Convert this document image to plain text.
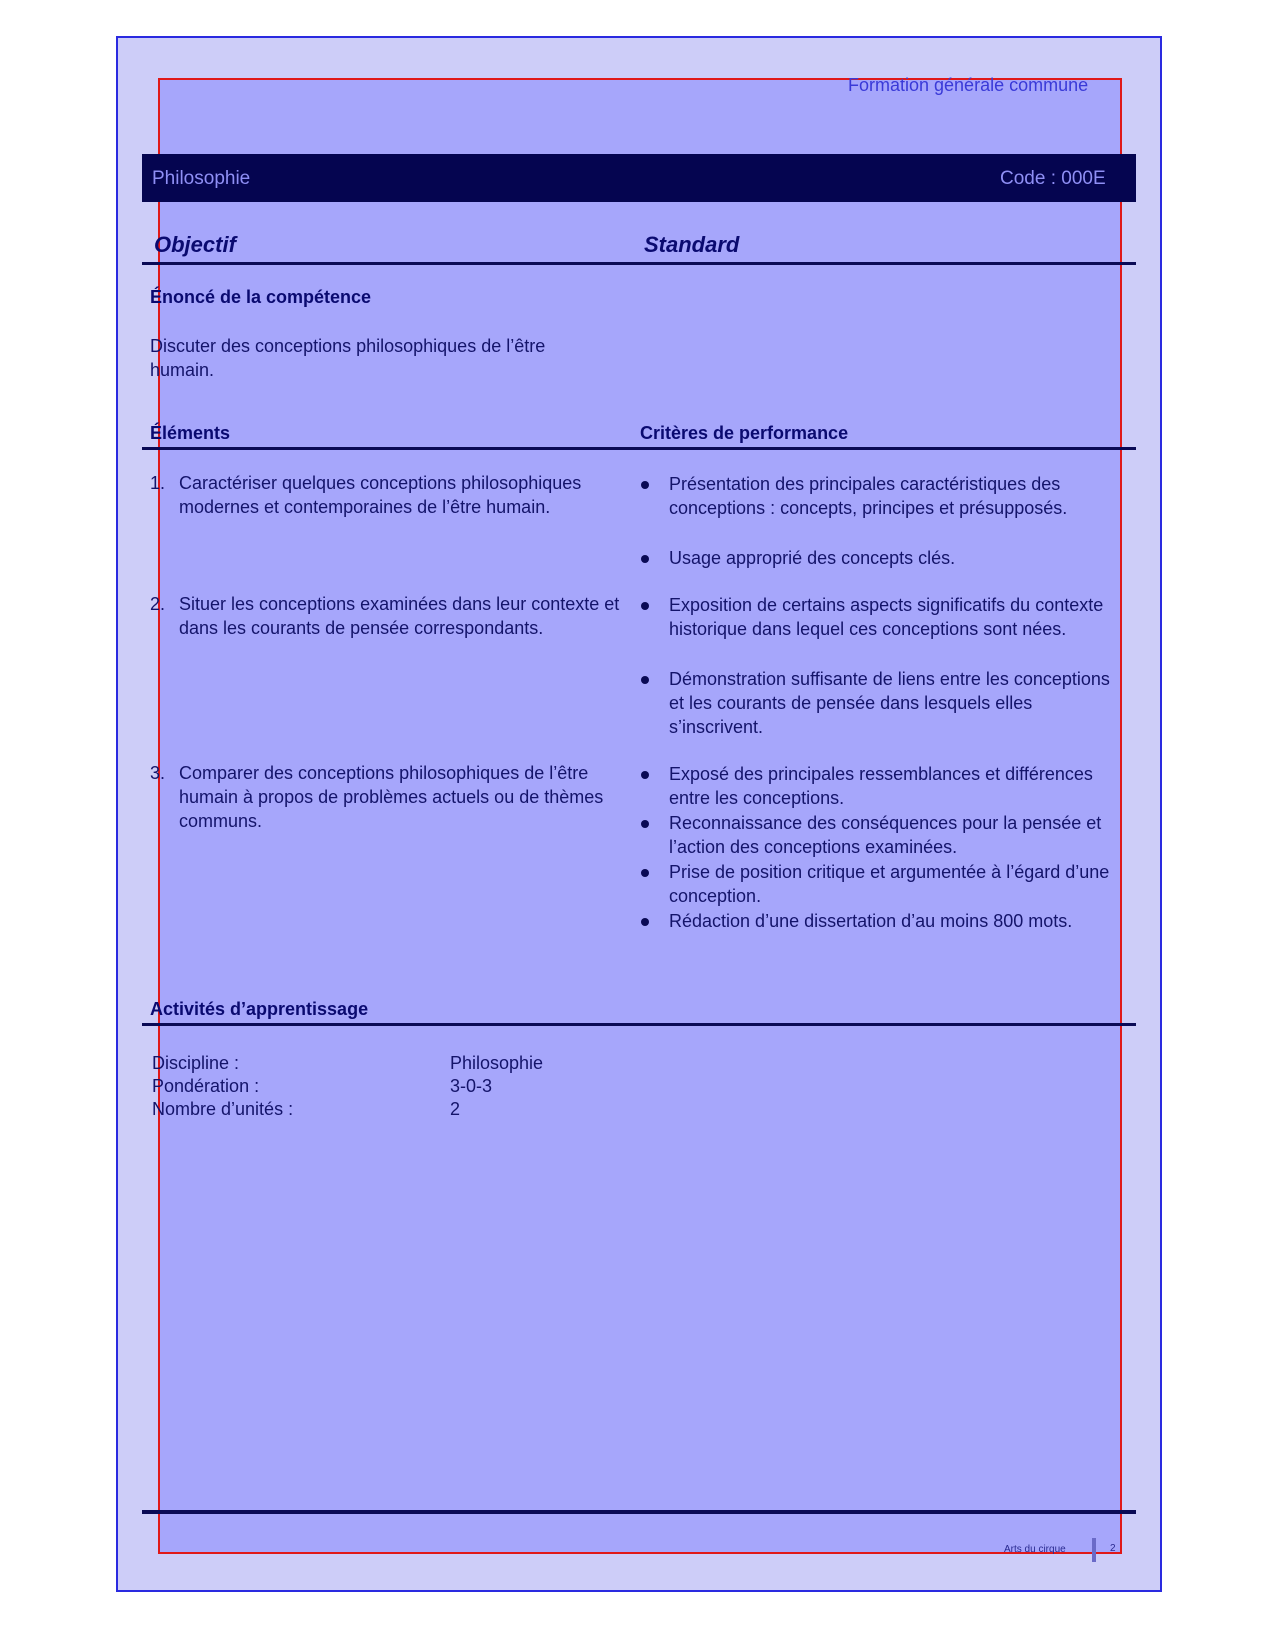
Formation générale commune
Philosophie	Code : 000E
Objectif	Standard
Énoncé de la compétence
Discuter des conceptions philosophiques de l’être humain.
Éléments	Critères de performance
1. Caractériser quelques conceptions philosophiques modernes et contemporaines de l’être humain.
Présentation des principales caractéristiques des conceptions : concepts, principes et présupposés.
Usage approprié des concepts clés.
2. Situer les conceptions examinées dans leur contexte et dans les courants de pensée correspondants.
Exposition de certains aspects significatifs du contexte historique dans lequel ces conceptions sont nées.
Démonstration suffisante de liens entre les conceptions et les courants de pensée dans lesquels elles s’inscrivent.
3. Comparer des conceptions philosophiques de l’être humain à propos de problèmes actuels ou de thèmes communs.
Exposé des principales ressemblances et différences entre les conceptions.
Reconnaissance des conséquences pour la pensée et l’action des conceptions examinées.
Prise de position critique et argumentée à l’égard d’une conception.
Rédaction d’une dissertation d’au moins 800 mots.
Activités d’apprentissage
Discipline :	Philosophie
Pondération :	3-0-3
Nombre d’unités :	2
Arts du cirque	2
